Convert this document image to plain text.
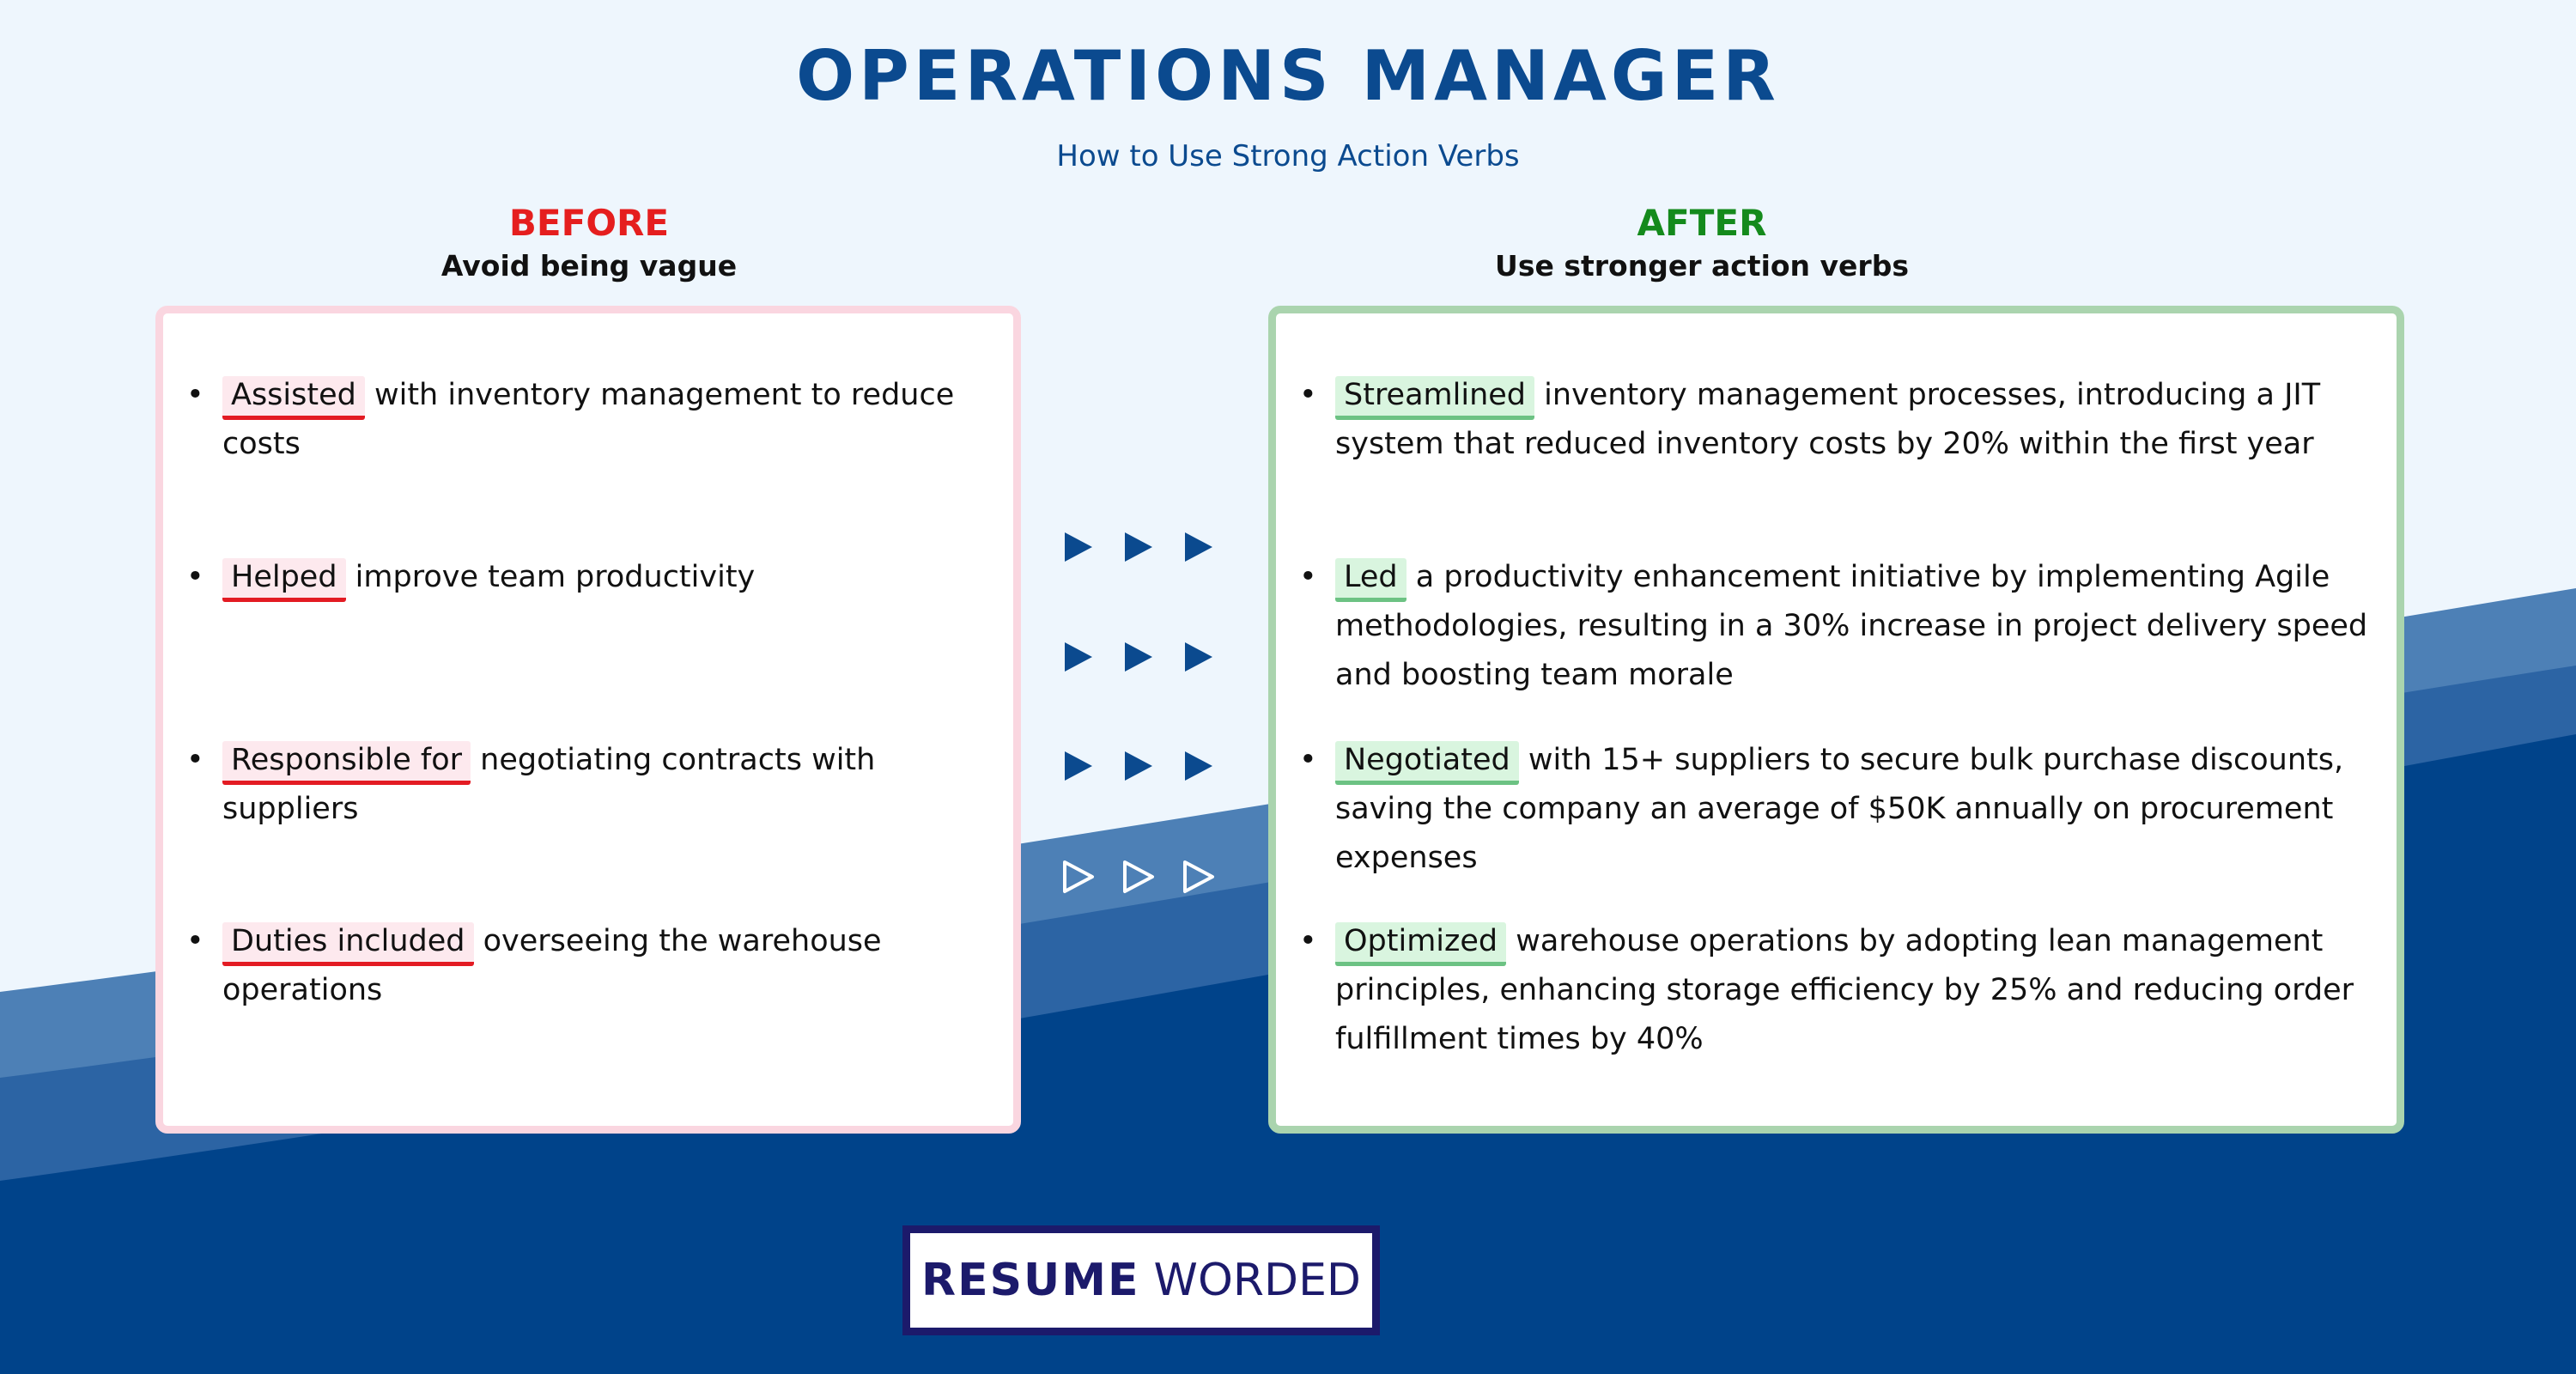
OPERATIONS MANAGER
How to Use Strong Action Verbs
BEFORE
Avoid being vague
AFTER
Use stronger action verbs
• Assisted with inventory management to reduce costs
• Helped improve team productivity
• Responsible for negotiating contracts with suppliers
• Duties included overseeing the warehouse operations
• Streamlined inventory management processes, introducing a JIT system that reduced inventory costs by 20% within the first year
• Led a productivity enhancement initiative by implementing Agile methodologies, resulting in a 30% increase in project delivery speed and boosting team morale
• Negotiated with 15+ suppliers to secure bulk purchase discounts, saving the company an average of $50K annually on procurement expenses
• Optimized warehouse operations by adopting lean management principles, enhancing storage efficiency by 25% and reducing order fulfillment times by 40%
RESUME WORDED
